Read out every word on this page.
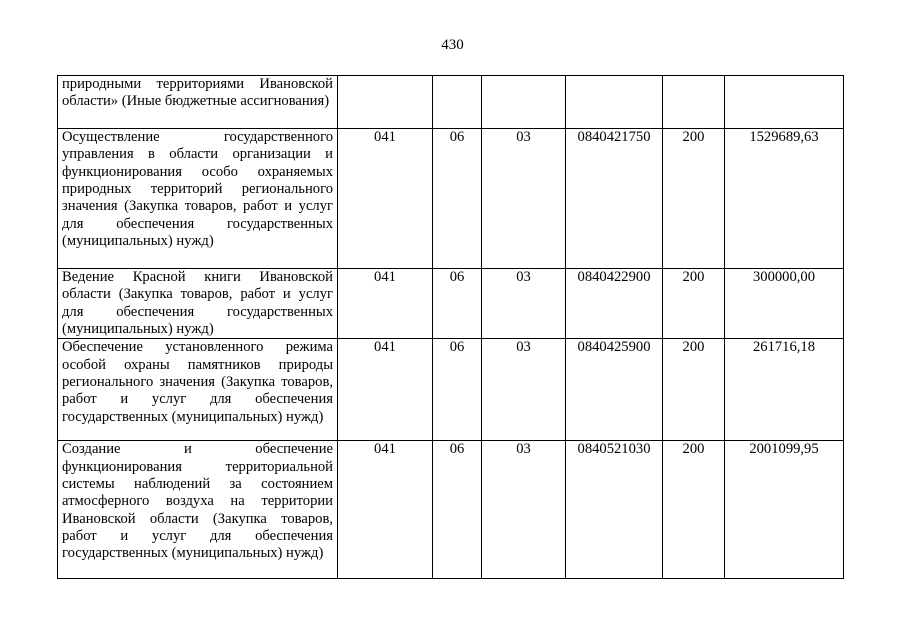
430
природными территориями Ивановской области» (Иные бюджетные ассигнования)						
Осуществление государственного управления в области организации и функционирования особо охраняемых природных территорий регионального значения (Закупка товаров, работ и услуг для обеспечения государственных (муниципальных) нужд)	041	06	03	0840421750	200	1529689,63
Ведение Красной книги Ивановской области (Закупка товаров, работ и услуг для обеспечения государственных (муниципальных) нужд)	041	06	03	0840422900	200	300000,00
Обеспечение установленного режима особой охраны памятников природы регионального значения (Закупка товаров, работ и услуг для обеспечения государственных (муниципальных) нужд)	041	06	03	0840425900	200	261716,18
Создание и обеспечение функционирования территориальной системы наблюдений за состоянием атмосферного воздуха на территории Ивановской области (Закупка товаров, работ и услуг для обеспечения государственных (муниципальных) нужд)	041	06	03	0840521030	200	2001099,95
